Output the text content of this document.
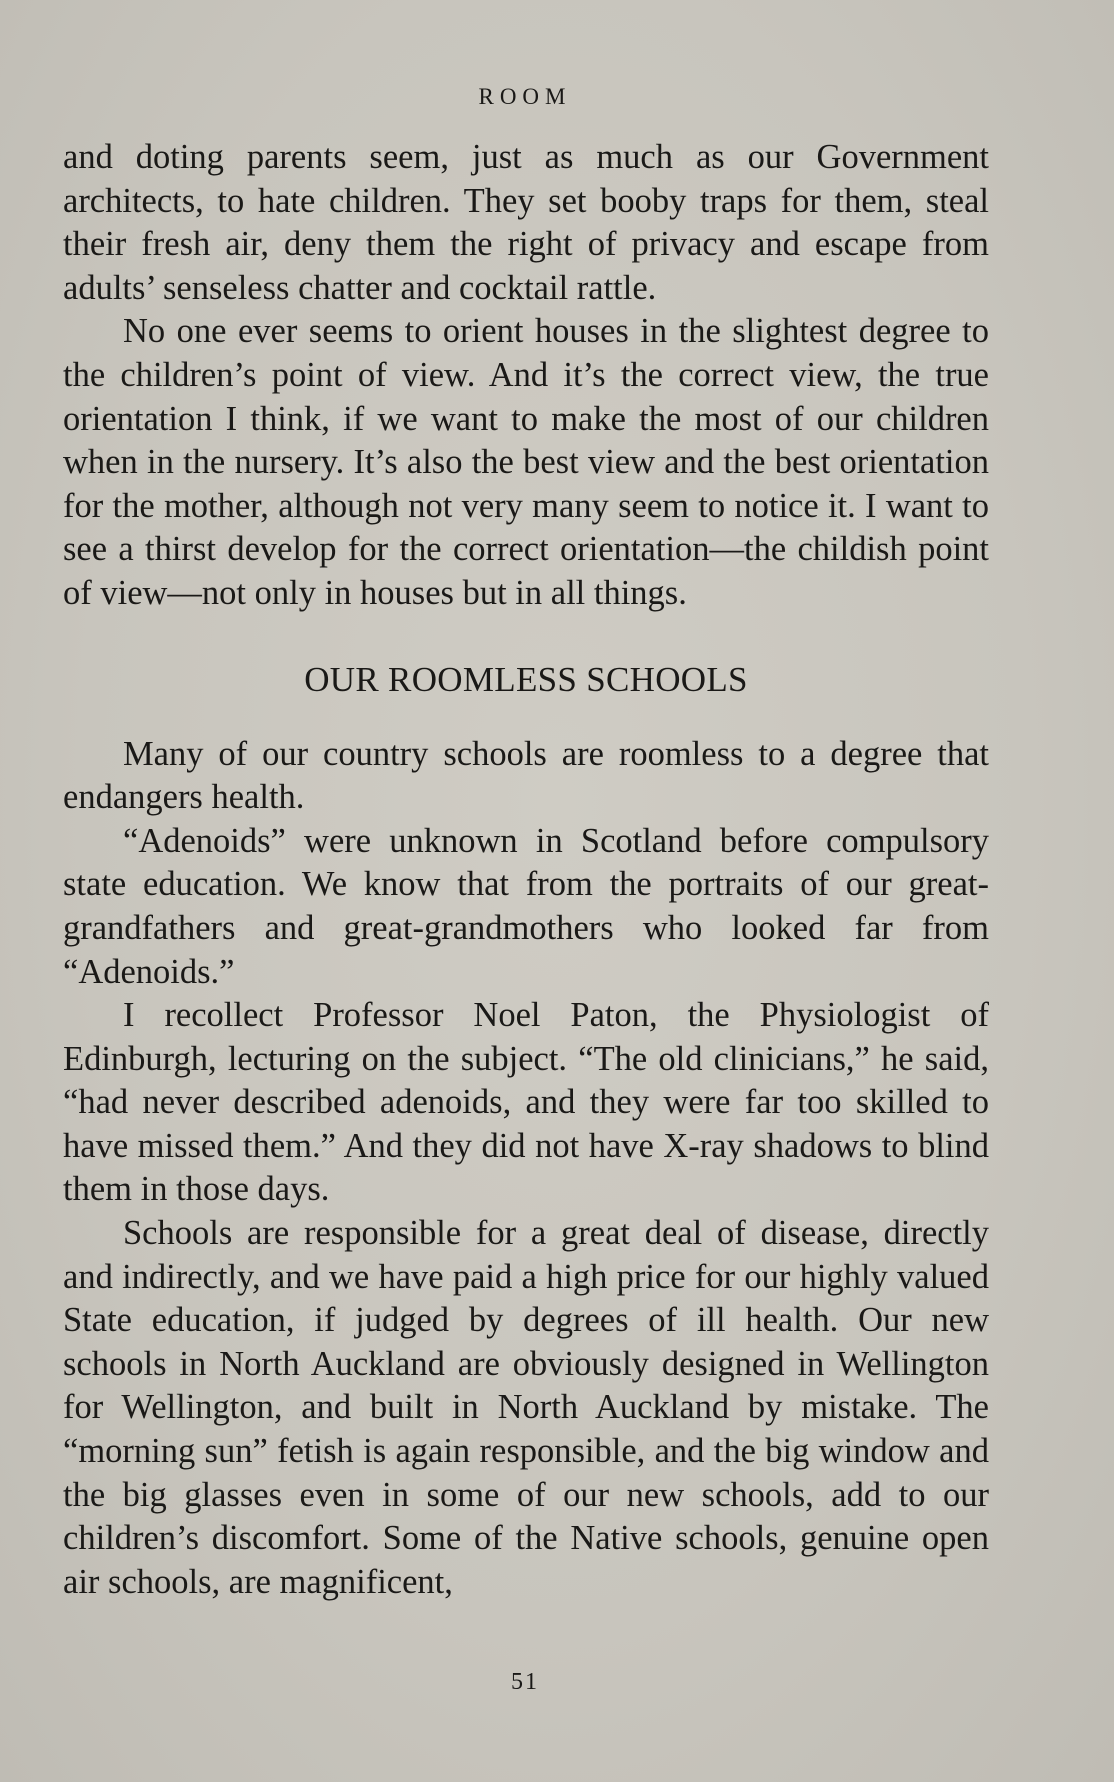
ROOM

and doting parents seem, just as much as our Government architects, to hate children. They set booby traps for them, steal their fresh air, deny them the right of privacy and escape from adults’ senseless chatter and cocktail rattle.

No one ever seems to orient houses in the slightest degree to the children’s point of view. And it’s the correct view, the true orientation I think, if we want to make the most of our children when in the nursery. It’s also the best view and the best orientation for the mother, although not very many seem to notice it. I want to see a thirst develop for the correct orientation—the childish point of view—not only in houses but in all things.

OUR ROOMLESS SCHOOLS

Many of our country schools are roomless to a degree that endangers health.

“Adenoids” were unknown in Scotland before compulsory state education. We know that from the portraits of our great-grandfathers and great-grandmothers who looked far from “Adenoids.”

I recollect Professor Noel Paton, the Physiologist of Edinburgh, lecturing on the subject. “The old clinicians,” he said, “had never described adenoids, and they were far too skilled to have missed them.” And they did not have X-ray shadows to blind them in those days.

Schools are responsible for a great deal of disease, directly and indirectly, and we have paid a high price for our highly valued State education, if judged by degrees of ill health. Our new schools in North Auckland are obviously designed in Wellington for Wellington, and built in North Auckland by mistake. The “morning sun” fetish is again responsible, and the big window and the big glasses even in some of our new schools, add to our children’s discomfort. Some of the Native schools, genuine open air schools, are magnificent,

51
